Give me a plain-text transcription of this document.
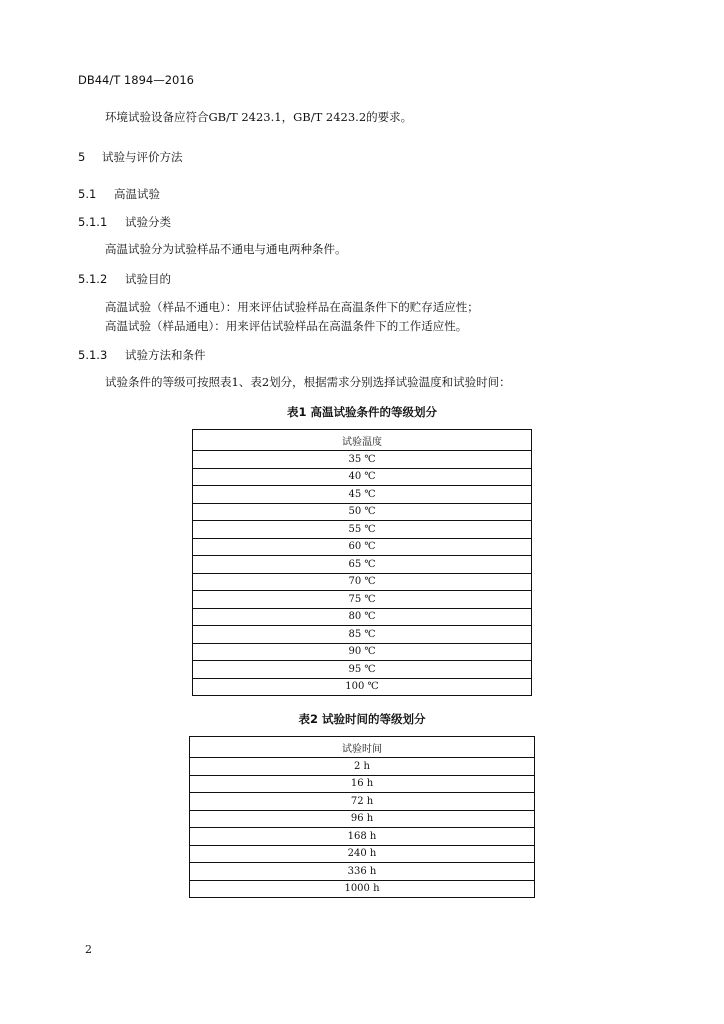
DB44/T 1894—2016
环境试验设备应符合GB/T 2423.1，GB/T 2423.2的要求。
5 试验与评价方法
5.1 高温试验
5.1.1 试验分类
高温试验分为试验样品不通电与通电两种条件。
5.1.2 试验目的
高温试验（样品不通电）：用来评估试验样品在高温条件下的贮存适应性；
高温试验（样品通电）：用来评估试验样品在高温条件下的工作适应性。
5.1.3 试验方法和条件
试验条件的等级可按照表1、表2划分，根据需求分别选择试验温度和试验时间：
表1 高温试验条件的等级划分
试验温度
35 ℃
40 ℃
45 ℃
50 ℃
55 ℃
60 ℃
65 ℃
70 ℃
75 ℃
80 ℃
85 ℃
90 ℃
95 ℃
100 ℃
表2 试验时间的等级划分
试验时间
2 h
16 h
72 h
96 h
168 h
240 h
336 h
1000 h
2
